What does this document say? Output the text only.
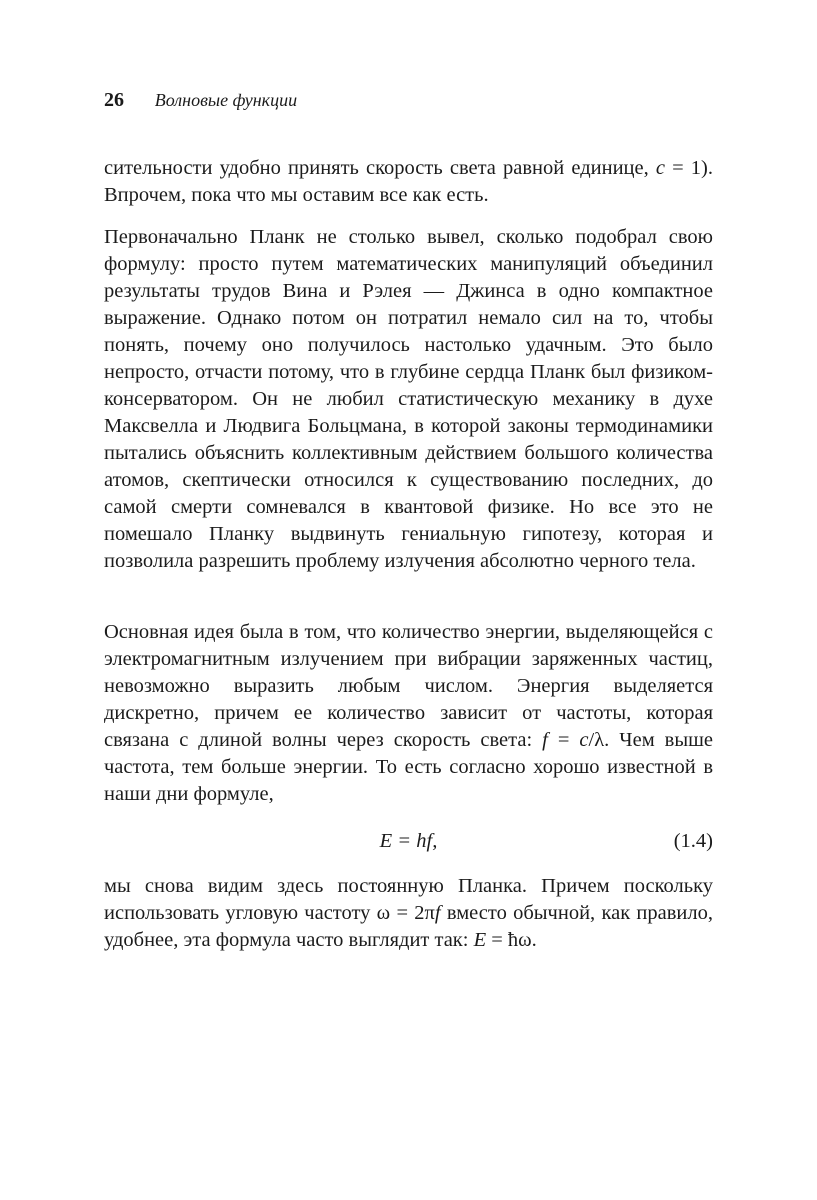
26 Волновые функции

сительности удобно принять скорость света равной единице, c = 1). Впрочем, пока что мы оставим все как есть.

Первоначально Планк не столько вывел, сколько подобрал свою формулу: просто путем математических манипуляций объединил результаты трудов Вина и Рэлея — Джинса в одно компактное выражение. Однако потом он потратил немало сил на то, чтобы понять, почему оно получилось настолько удачным. Это было непросто, отчасти потому, что в глубине сердца Планк был физиком-консерватором. Он не любил статистическую механику в духе Максвелла и Людвига Больцмана, в которой законы термодинамики пытались объяснить коллективным действием большого количества атомов, скептически относился к существованию последних, до самой смерти сомневался в квантовой физике. Но все это не помешало Планку выдвинуть гениальную гипотезу, которая и позволила разрешить проблему излучения абсолютно черного тела.

Основная идея была в том, что количество энергии, выделяющейся с электромагнитным излучением при вибрации заряженных частиц, невозможно выразить любым числом. Энергия выделяется дискретно, причем ее количество зависит от частоты, которая связана с длиной волны через скорость света: f = c/λ. Чем выше частота, тем больше энергии. То есть согласно хорошо известной в наши дни формуле,

E = hf,	(1.4)

мы снова видим здесь постоянную Планка. Причем поскольку использовать угловую частоту ω = 2πf вместо обычной, как правило, удобнее, эта формула часто выглядит так: E = ħω.
